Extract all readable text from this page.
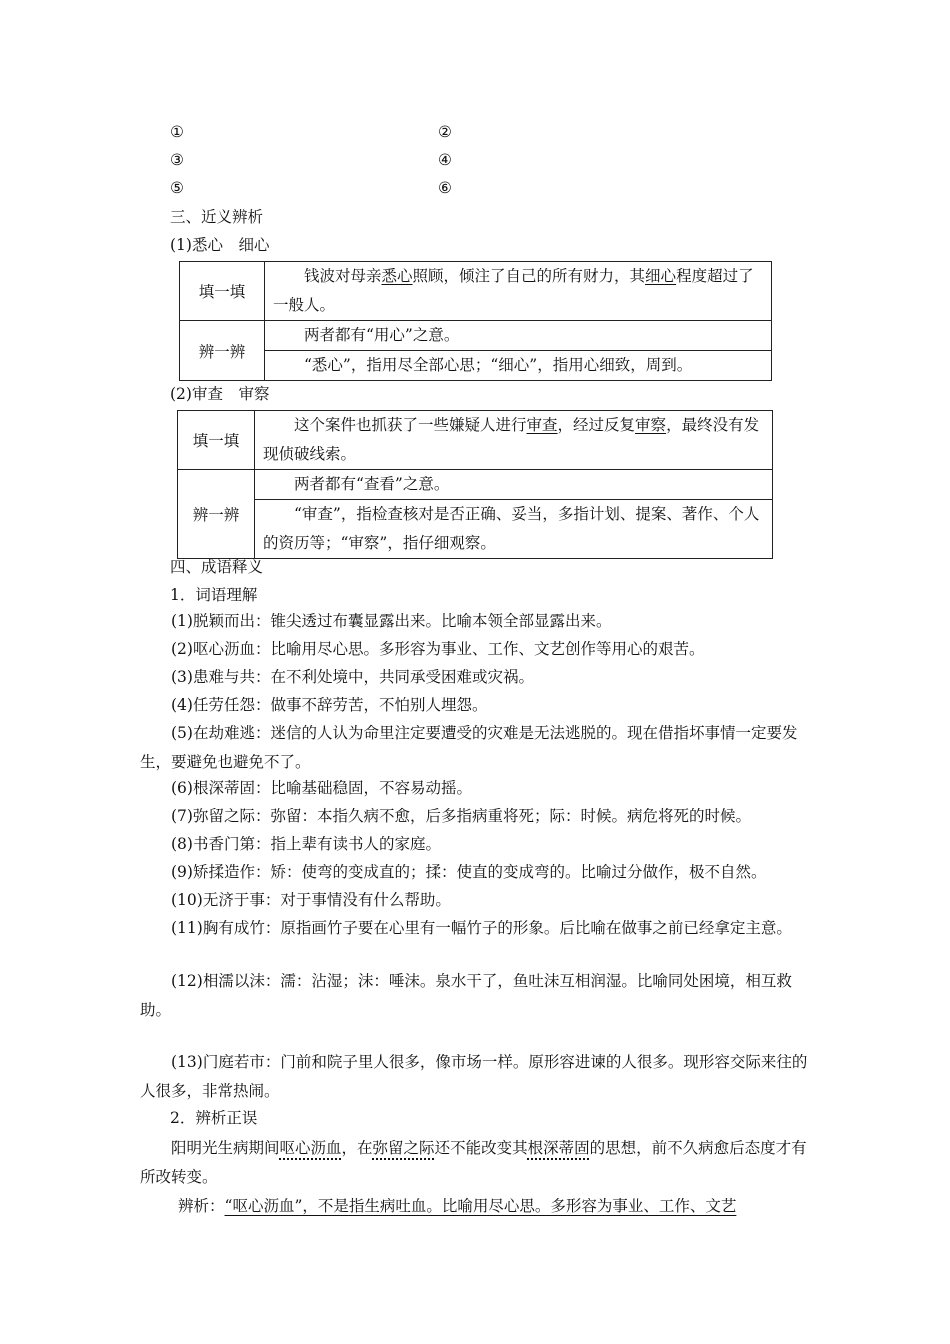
①	②
③	④
⑤	⑥
三、近义辨析
(1)悉心　细心
填一填	钱波对母亲悉心照顾，倾注了自己的所有财力，其细心程度超过了一般人。
辨一辨	两者都有“用心”之意。
	“悉心”，指用尽全部心思；“细心”，指用心细致，周到。
(2)审查　审察
填一填	这个案件也抓获了一些嫌疑人进行审查，经过反复审察，最终没有发现侦破线索。
辨一辨	两者都有“查看”之意。
	“审查”，指检查核对是否正确、妥当，多指计划、提案、著作、个人的资历等；“审察”，指仔细观察。
四、成语释义
1．词语理解
(1)脱颖而出：锥尖透过布囊显露出来。比喻本领全部显露出来。
(2)呕心沥血：比喻用尽心思。多形容为事业、工作、文艺创作等用心的艰苦。
(3)患难与共：在不利处境中，共同承受困难或灾祸。
(4)任劳任怨：做事不辞劳苦，不怕别人埋怨。
(5)在劫难逃：迷信的人认为命里注定要遭受的灾难是无法逃脱的。现在借指坏事情一定要发生，要避免也避免不了。
(6)根深蒂固：比喻基础稳固，不容易动摇。
(7)弥留之际：弥留：本指久病不愈，后多指病重将死；际：时候。病危将死的时候。
(8)书香门第：指上辈有读书人的家庭。
(9)矫揉造作：矫：使弯的变成直的；揉：使直的变成弯的。比喻过分做作，极不自然。
(10)无济于事：对于事情没有什么帮助。
(11)胸有成竹：原指画竹子要在心里有一幅竹子的形象。后比喻在做事之前已经拿定主意。
(12)相濡以沫：濡：沾湿；沫：唾沫。泉水干了，鱼吐沫互相润湿。比喻同处困境，相互救助。
(13)门庭若市：门前和院子里人很多，像市场一样。原形容进谏的人很多。现形容交际来往的人很多，非常热闹。
2．辨析正误
阳明光生病期间呕心沥血，在弥留之际还不能改变其根深蒂固的思想，前不久病愈后态度才有所改转变。
辨析：“呕心沥血”，不是指生病吐血。比喻用尽心思。多形容为事业、工作、文艺
